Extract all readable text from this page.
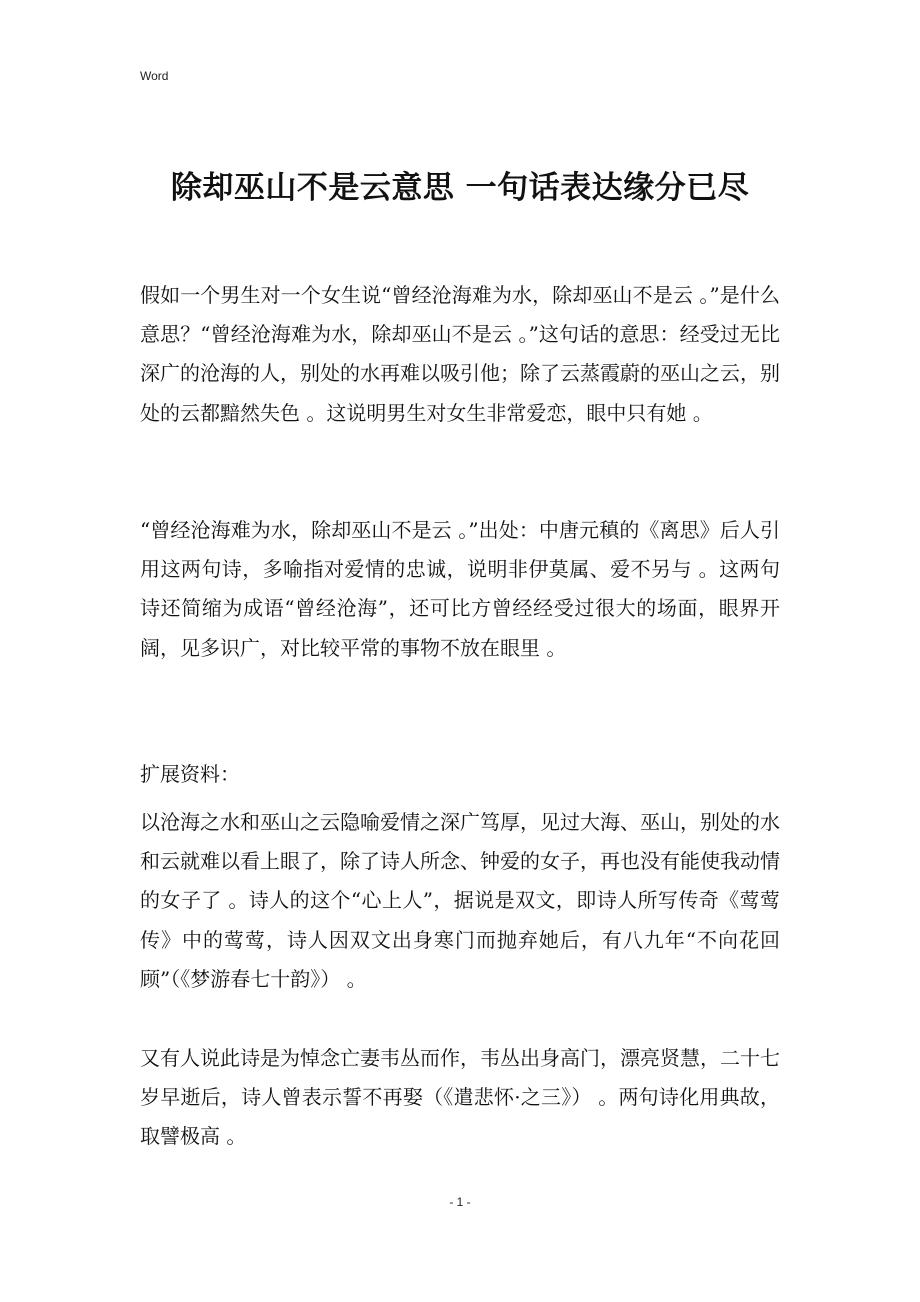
Word
除却巫山不是云意思 一句话表达缘分已尽

假如一个男生对一个女生说“曾经沧海难为水，除却巫山不是云 。”是什么意思？“曾经沧海难为水，除却巫山不是云 。”这句话的意思：经受过无比深广的沧海的人，别处的水再难以吸引他；除了云蒸霞蔚的巫山之云，别处的云都黯然失色 。这说明男生对女生非常爱恋，眼中只有她 。

“曾经沧海难为水，除却巫山不是云 。”出处：中唐元稹的《离思》后人引用这两句诗，多喻指对爱情的忠诚，说明非伊莫属、爱不另与 。这两句诗还简缩为成语“曾经沧海”，还可比方曾经经受过很大的场面，眼界开阔，见多识广，对比较平常的事物不放在眼里 。

扩展资料：

以沧海之水和巫山之云隐喻爱情之深广笃厚，见过大海、巫山，别处的水和云就难以看上眼了，除了诗人所念、钟爱的女子，再也没有能使我动情的女子了 。诗人的这个“心上人”，据说是双文，即诗人所写传奇《莺莺传》中的莺莺，诗人因双文出身寒门而抛弃她后，有八九年“不向花回顾”（《梦游春七十韵》） 。

又有人说此诗是为悼念亡妻韦丛而作，韦丛出身高门，漂亮贤慧，二十七岁早逝后，诗人曾表示誓不再娶（《遣悲怀·之三》） 。两句诗化用典故，取譬极高 。

- 1 -
